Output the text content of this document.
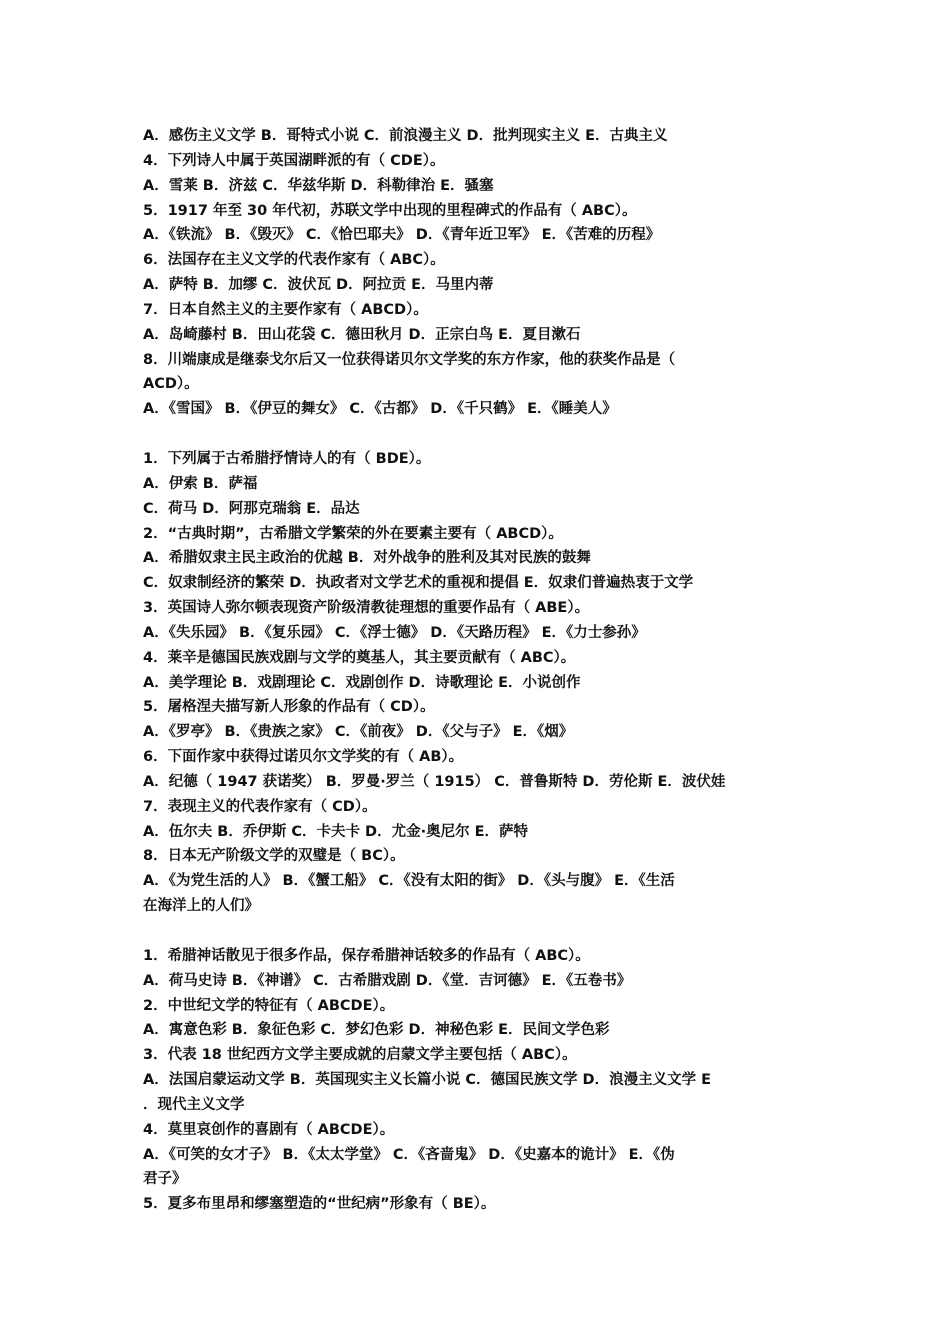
A．感伤主义文学 B．哥特式小说 C．前浪漫主义 D．批判现实主义 E．古典主义
4．下列诗人中属于英国湖畔派的有（ CDE）。
A．雪莱 B．济兹 C．华兹华斯 D．科勒律治 E．骚塞
5．1917 年至 30 年代初，苏联文学中出现的里程碑式的作品有（ ABC）。
A．《铁流》 B．《毁灭》 C．《恰巴耶夫》 D．《青年近卫军》 E．《苦难的历程》
6．法国存在主义文学的代表作家有（ ABC）。
A．萨特 B．加缪 C．波伏瓦 D．阿拉贡 E．马里内蒂
7．日本自然主义的主要作家有（ ABCD）。
A．岛崎藤村 B．田山花袋 C．德田秋月 D．正宗白鸟 E．夏目漱石
8．川端康成是继泰戈尔后又一位获得诺贝尔文学奖的东方作家，他的获奖作品是（
ACD）。
A．《雪国》 B．《伊豆的舞女》 C．《古都》 D．《千只鹤》 E．《睡美人》
1．下列属于古希腊抒情诗人的有（ BDE）。
A．伊索 B．萨福
C．荷马 D．阿那克瑞翁 E．品达
2．“古典时期”，古希腊文学繁荣的外在要素主要有（ ABCD）。
A．希腊奴隶主民主政治的优越 B．对外战争的胜利及其对民族的鼓舞
C．奴隶制经济的繁荣 D．执政者对文学艺术的重视和提倡 E．奴隶们普遍热衷于文学
3．英国诗人弥尔顿表现资产阶级清教徒理想的重要作品有（ ABE）。
A．《失乐园》 B．《复乐园》 C．《浮士德》 D．《天路历程》 E．《力士参孙》
4．莱辛是德国民族戏剧与文学的奠基人，其主要贡献有（ ABC）。
A．美学理论 B．戏剧理论 C．戏剧创作 D．诗歌理论 E．小说创作
5．屠格涅夫描写新人形象的作品有（ CD）。
A．《罗亭》 B．《贵族之家》 C．《前夜》 D．《父与子》 E．《烟》
6．下面作家中获得过诺贝尔文学奖的有（ AB）。
A．纪德（ 1947 获诺奖） B．罗曼·罗兰（ 1915） C．普鲁斯特 D．劳伦斯 E．波伏娃
7．表现主义的代表作家有（ CD）。
A．伍尔夫 B．乔伊斯 C．卡夫卡 D．尤金·奥尼尔 E．萨特
8．日本无产阶级文学的双璧是（ BC）。
A．《为党生活的人》 B．《蟹工船》 C．《没有太阳的街》 D．《头与腹》 E．《生活
在海洋上的人们》
1．希腊神话散见于很多作品，保存希腊神话较多的作品有（ ABC）。
A．荷马史诗 B．《神谱》 C．古希腊戏剧 D．《堂．吉诃德》 E．《五卷书》
2．中世纪文学的特征有（ ABCDE）。
A．寓意色彩 B．象征色彩 C．梦幻色彩 D．神秘色彩 E．民间文学色彩
3．代表 18 世纪西方文学主要成就的启蒙文学主要包括（ ABC）。
A．法国启蒙运动文学 B．英国现实主义长篇小说 C．德国民族文学 D．浪漫主义文学 E
．现代主义文学
4．莫里哀创作的喜剧有（ ABCDE）。
A．《可笑的女才子》 B．《太太学堂》 C．《吝啬鬼》 D．《史嘉本的诡计》 E．《伪
君子》
5．夏多布里昂和缪塞塑造的“世纪病”形象有（ BE）。
